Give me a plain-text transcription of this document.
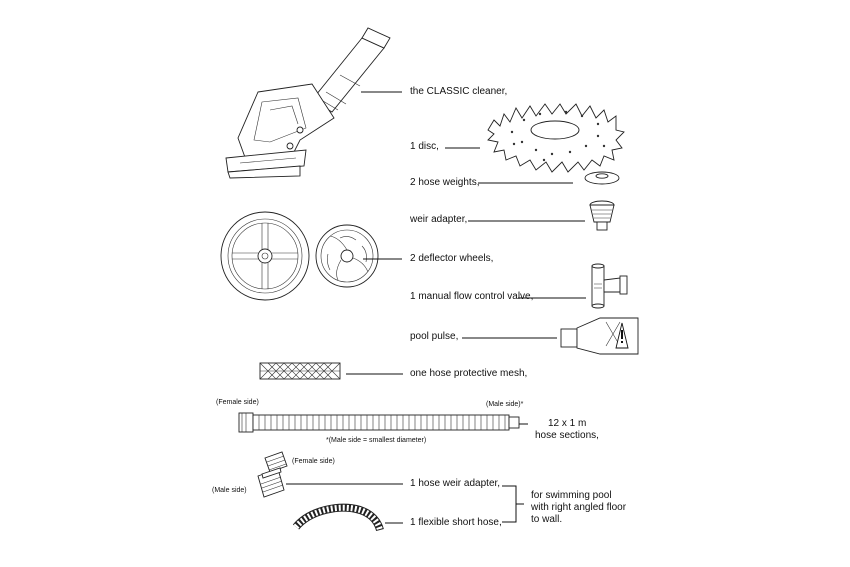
the CLASSIC cleaner,
1 disc,
2 hose weights,
weir adapter,
2 deflector wheels,
1 manual flow control valve,
pool pulse,
one hose protective mesh,
(Female side)	(Male side)*
*(Male side = smallest diameter)
12 x 1 m
hose sections,
(Female side)
(Male side)
1 hose weir adapter,
1 flexible short hose,
for swimming pool
with right angled floor
to wall.
